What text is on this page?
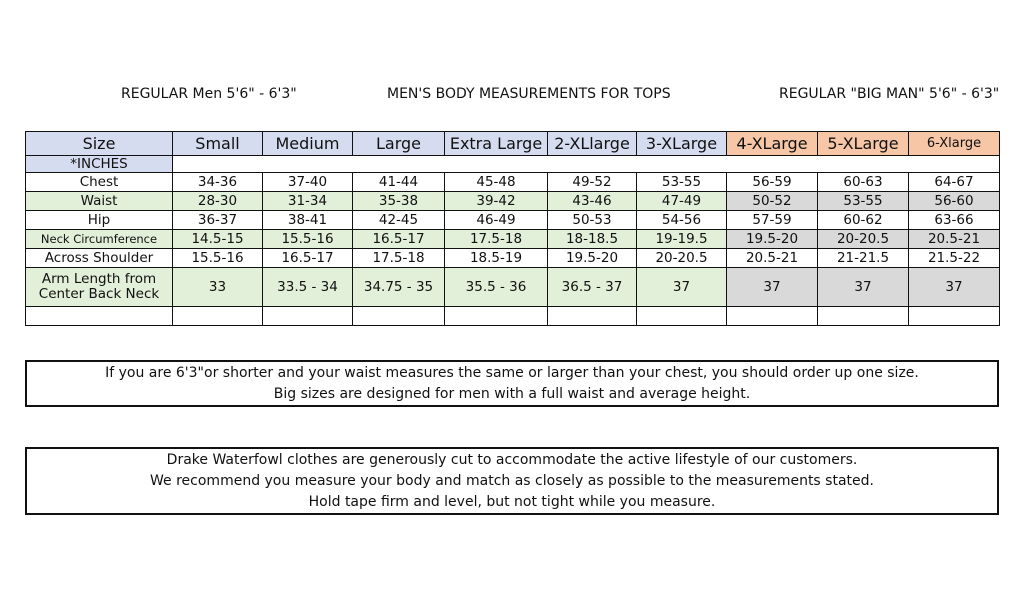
REGULAR Men 5'6" - 6'3"	MEN'S BODY MEASUREMENTS FOR TOPS	REGULAR "BIG MAN" 5'6" - 6'3"
Size	Small	Medium	Large	Extra Large	2-XLlarge	3-XLarge	4-XLarge	5-XLarge	6-Xlarge
*INCHES									
Chest	34-36	37-40	41-44	45-48	49-52	53-55	56-59	60-63	64-67
Waist	28-30	31-34	35-38	39-42	43-46	47-49	50-52	53-55	56-60
Hip	36-37	38-41	42-45	46-49	50-53	54-56	57-59	60-62	63-66
Neck Circumference	14.5-15	15.5-16	16.5-17	17.5-18	18-18.5	19-19.5	19.5-20	20-20.5	20.5-21
Across Shoulder	15.5-16	16.5-17	17.5-18	18.5-19	19.5-20	20-20.5	20.5-21	21-21.5	21.5-22

Arm Length from
Center Back Neck	33	33.5 - 34	34.75 - 35	35.5 - 36	36.5 - 37	37	37	37	37

If you are 6'3"or shorter and your waist measures the same or larger than your chest, you should order up one size.
Big sizes are designed for men with a full waist and average height.
Drake Waterfowl clothes are generously cut to accommodate the active lifestyle of our customers.
We recommend you measure your body and match as closely as possible to the measurements stated.
Hold tape firm and level, but not tight while you measure.
